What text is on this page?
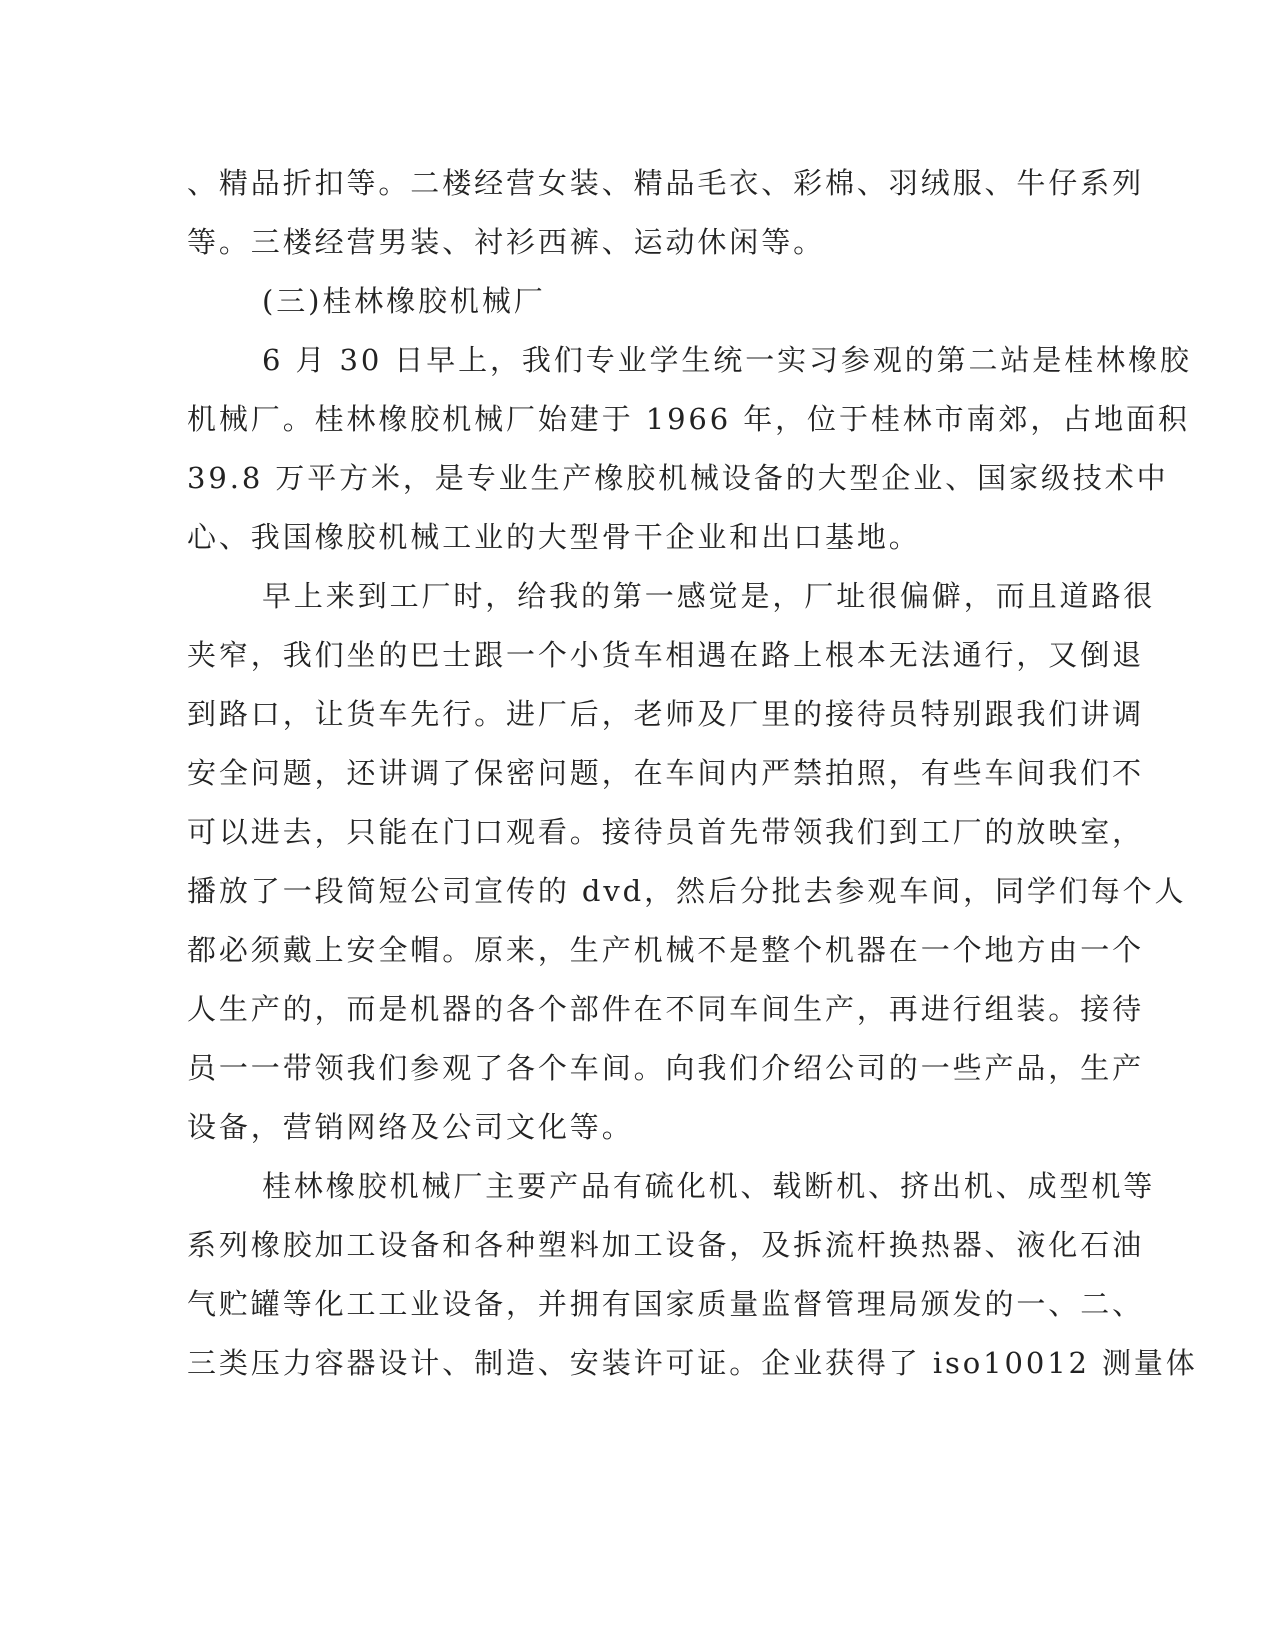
、精品折扣等。二楼经营女装、精品毛衣、彩棉、羽绒服、牛仔系列
等。三楼经营男装、衬衫西裤、运动休闲等。
(三)桂林橡胶机械厂
6 月 30 日早上，我们专业学生统一实习参观的第二站是桂林橡胶
机械厂。桂林橡胶机械厂始建于 1966 年，位于桂林市南郊，占地面积
39.8 万平方米，是专业生产橡胶机械设备的大型企业、国家级技术中
心、我国橡胶机械工业的大型骨干企业和出口基地。
早上来到工厂时，给我的第一感觉是，厂址很偏僻，而且道路很
夹窄，我们坐的巴士跟一个小货车相遇在路上根本无法通行，又倒退
到路口，让货车先行。进厂后，老师及厂里的接待员特别跟我们讲调
安全问题，还讲调了保密问题，在车间内严禁拍照，有些车间我们不
可以进去，只能在门口观看。接待员首先带领我们到工厂的放映室，
播放了一段简短公司宣传的 dvd，然后分批去参观车间，同学们每个人
都必须戴上安全帽。原来，生产机械不是整个机器在一个地方由一个
人生产的，而是机器的各个部件在不同车间生产，再进行组装。接待
员一一带领我们参观了各个车间。向我们介绍公司的一些产品，生产
设备，营销网络及公司文化等。
桂林橡胶机械厂主要产品有硫化机、载断机、挤出机、成型机等
系列橡胶加工设备和各种塑料加工设备，及拆流杆换热器、液化石油
气贮罐等化工工业设备，并拥有国家质量监督管理局颁发的一、二、
三类压力容器设计、制造、安装许可证。企业获得了 iso10012 测量体
